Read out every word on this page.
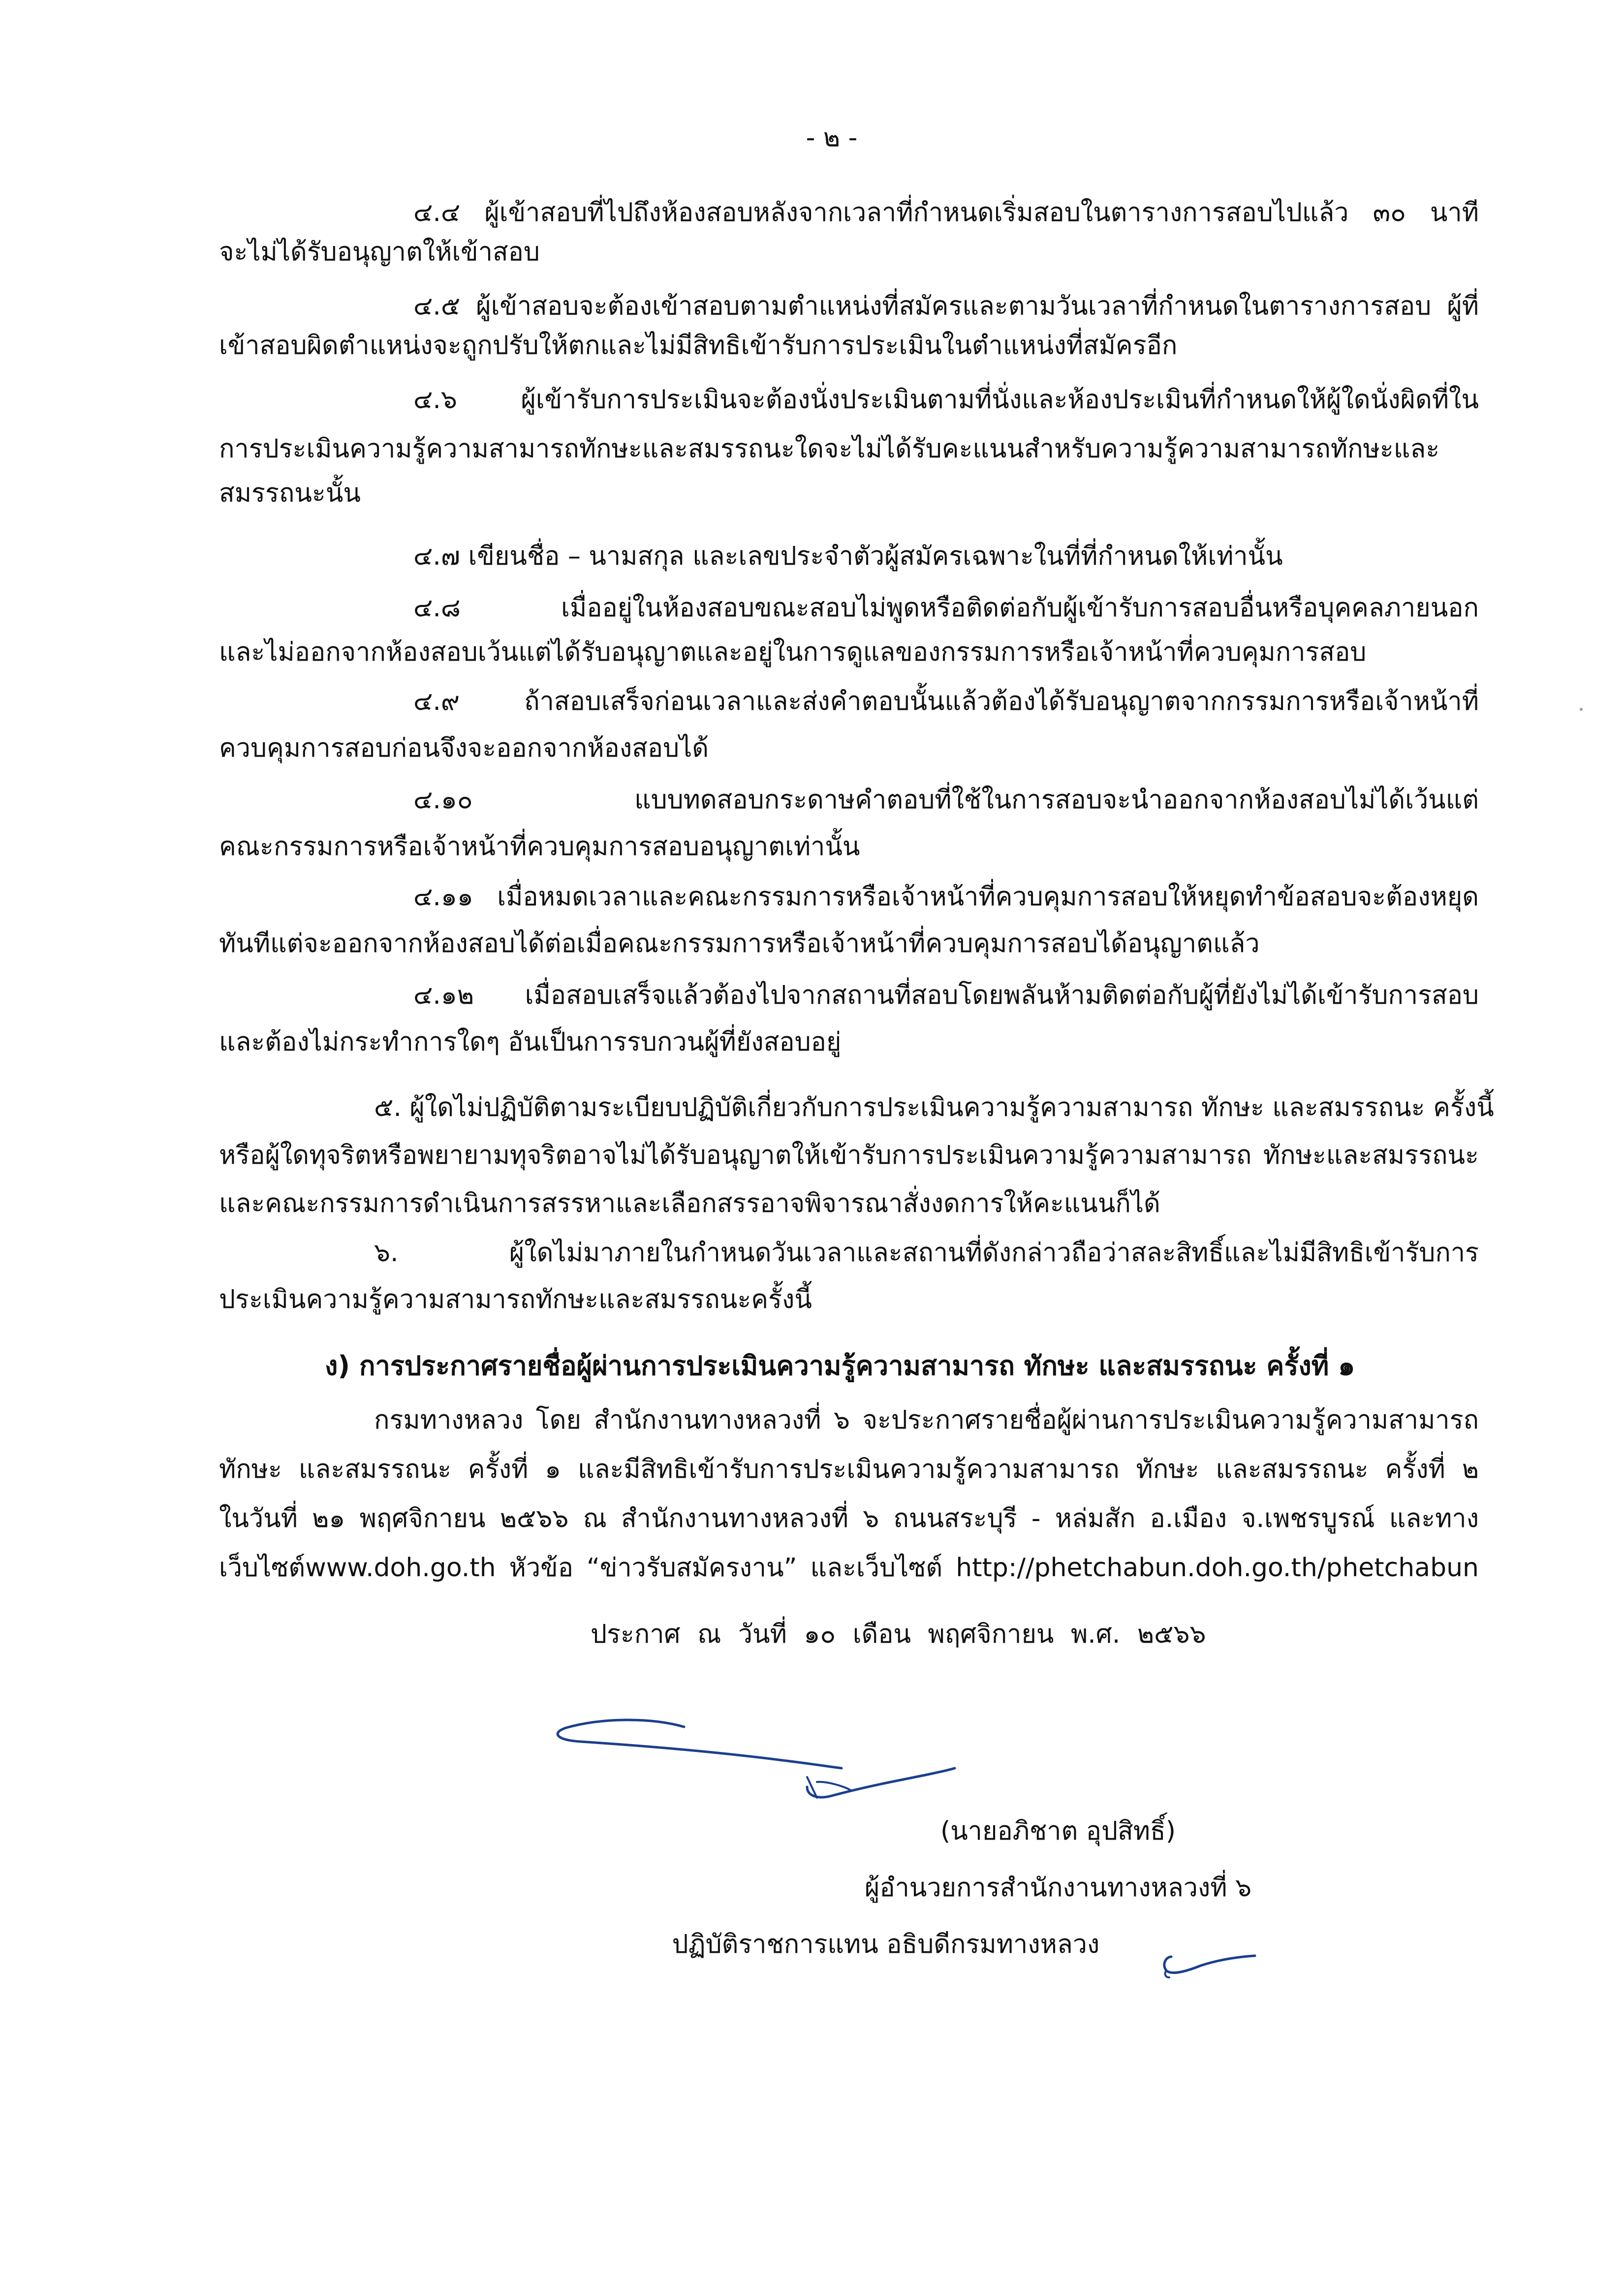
- ๒ -
๔.๔ ผู้เข้าสอบที่ไปถึงห้องสอบหลังจากเวลาที่กำหนดเริ่มสอบในตารางการสอบไปแล้ว ๓๐ นาที
จะไม่ได้รับอนุญาตให้เข้าสอบ
๔.๕ ผู้เข้าสอบจะต้องเข้าสอบตามตำแหน่งที่สมัครและตามวันเวลาที่กำหนดในตารางการสอบ ผู้ที่
เข้าสอบผิดตำแหน่งจะถูกปรับให้ตกและไม่มีสิทธิเข้ารับการประเมินในตำแหน่งที่สมัครอีก
๔.๖ ผู้เข้ารับการประเมินจะต้องนั่งประเมินตามที่นั่งและห้องประเมินที่กำหนดให้ผู้ใดนั่งผิดที่ใน
การประเมินความรู้ความสามารถทักษะและสมรรถนะใดจะไม่ได้รับคะแนนสำหรับความรู้ความสามารถทักษะและ
สมรรถนะนั้น
๔.๗ เขียนชื่อ – นามสกุล และเลขประจำตัวผู้สมัครเฉพาะในที่ที่กำหนดให้เท่านั้น
๔.๘ เมื่ออยู่ในห้องสอบขณะสอบไม่พูดหรือติดต่อกับผู้เข้ารับการสอบอื่นหรือบุคคลภายนอก
และไม่ออกจากห้องสอบเว้นแต่ได้รับอนุญาตและอยู่ในการดูแลของกรรมการหรือเจ้าหน้าที่ควบคุมการสอบ
๔.๙ ถ้าสอบเสร็จก่อนเวลาและส่งคำตอบนั้นแล้วต้องได้รับอนุญาตจากกรรมการหรือเจ้าหน้าที่
ควบคุมการสอบก่อนจึงจะออกจากห้องสอบได้
๔.๑๐ แบบทดสอบกระดาษคำตอบที่ใช้ในการสอบจะนำออกจากห้องสอบไม่ได้เว้นแต่
คณะกรรมการหรือเจ้าหน้าที่ควบคุมการสอบอนุญาตเท่านั้น
๔.๑๑ เมื่อหมดเวลาและคณะกรรมการหรือเจ้าหน้าที่ควบคุมการสอบให้หยุดทำข้อสอบจะต้องหยุด
ทันทีแต่จะออกจากห้องสอบได้ต่อเมื่อคณะกรรมการหรือเจ้าหน้าที่ควบคุมการสอบได้อนุญาตแล้ว
๔.๑๒ เมื่อสอบเสร็จแล้วต้องไปจากสถานที่สอบโดยพลันห้ามติดต่อกับผู้ที่ยังไม่ได้เข้ารับการสอบ
และต้องไม่กระทำการใดๆ อันเป็นการรบกวนผู้ที่ยังสอบอยู่
๕. ผู้ใดไม่ปฏิบัติตามระเบียบปฏิบัติเกี่ยวกับการประเมินความรู้ความสามารถ ทักษะ และสมรรถนะ ครั้งนี้
หรือผู้ใดทุจริตหรือพยายามทุจริตอาจไม่ได้รับอนุญาตให้เข้ารับการประเมินความรู้ความสามารถ ทักษะและสมรรถนะ
และคณะกรรมการดำเนินการสรรหาและเลือกสรรอาจพิจารณาสั่งงดการให้คะแนนก็ได้
๖. ผู้ใดไม่มาภายในกำหนดวันเวลาและสถานที่ดังกล่าวถือว่าสละสิทธิ์และไม่มีสิทธิเข้ารับการ
ประเมินความรู้ความสามารถทักษะและสมรรถนะครั้งนี้
ง) การประกาศรายชื่อผู้ผ่านการประเมินความรู้ความสามารถ ทักษะ และสมรรถนะ ครั้งที่ ๑
กรมทางหลวง โดย สำนักงานทางหลวงที่ ๖ จะประกาศรายชื่อผู้ผ่านการประเมินความรู้ความสามารถ
ทักษะ และสมรรถนะ ครั้งที่ ๑ และมีสิทธิเข้ารับการประเมินความรู้ความสามารถ ทักษะ และสมรรถนะ ครั้งที่ ๒
ในวันที่ ๒๑ พฤศจิกายน ๒๕๖๖ ณ สำนักงานทางหลวงที่ ๖ ถนนสระบุรี - หล่มสัก อ.เมือง จ.เพชรบูรณ์ และทาง
เว็บไซต์www.doh.go.th หัวข้อ “ข่าวรับสมัครงาน” และเว็บไซต์ http://phetchabun.doh.go.th/phetchabun
ประกาศ ณ วันที่ ๑๐ เดือน พฤศจิกายน พ.ศ. ๒๕๖๖
(นายอภิชาต อุปสิทธิ์)
ผู้อำนวยการสำนักงานทางหลวงที่ ๖
ปฏิบัติราชการแทน อธิบดีกรมทางหลวง
